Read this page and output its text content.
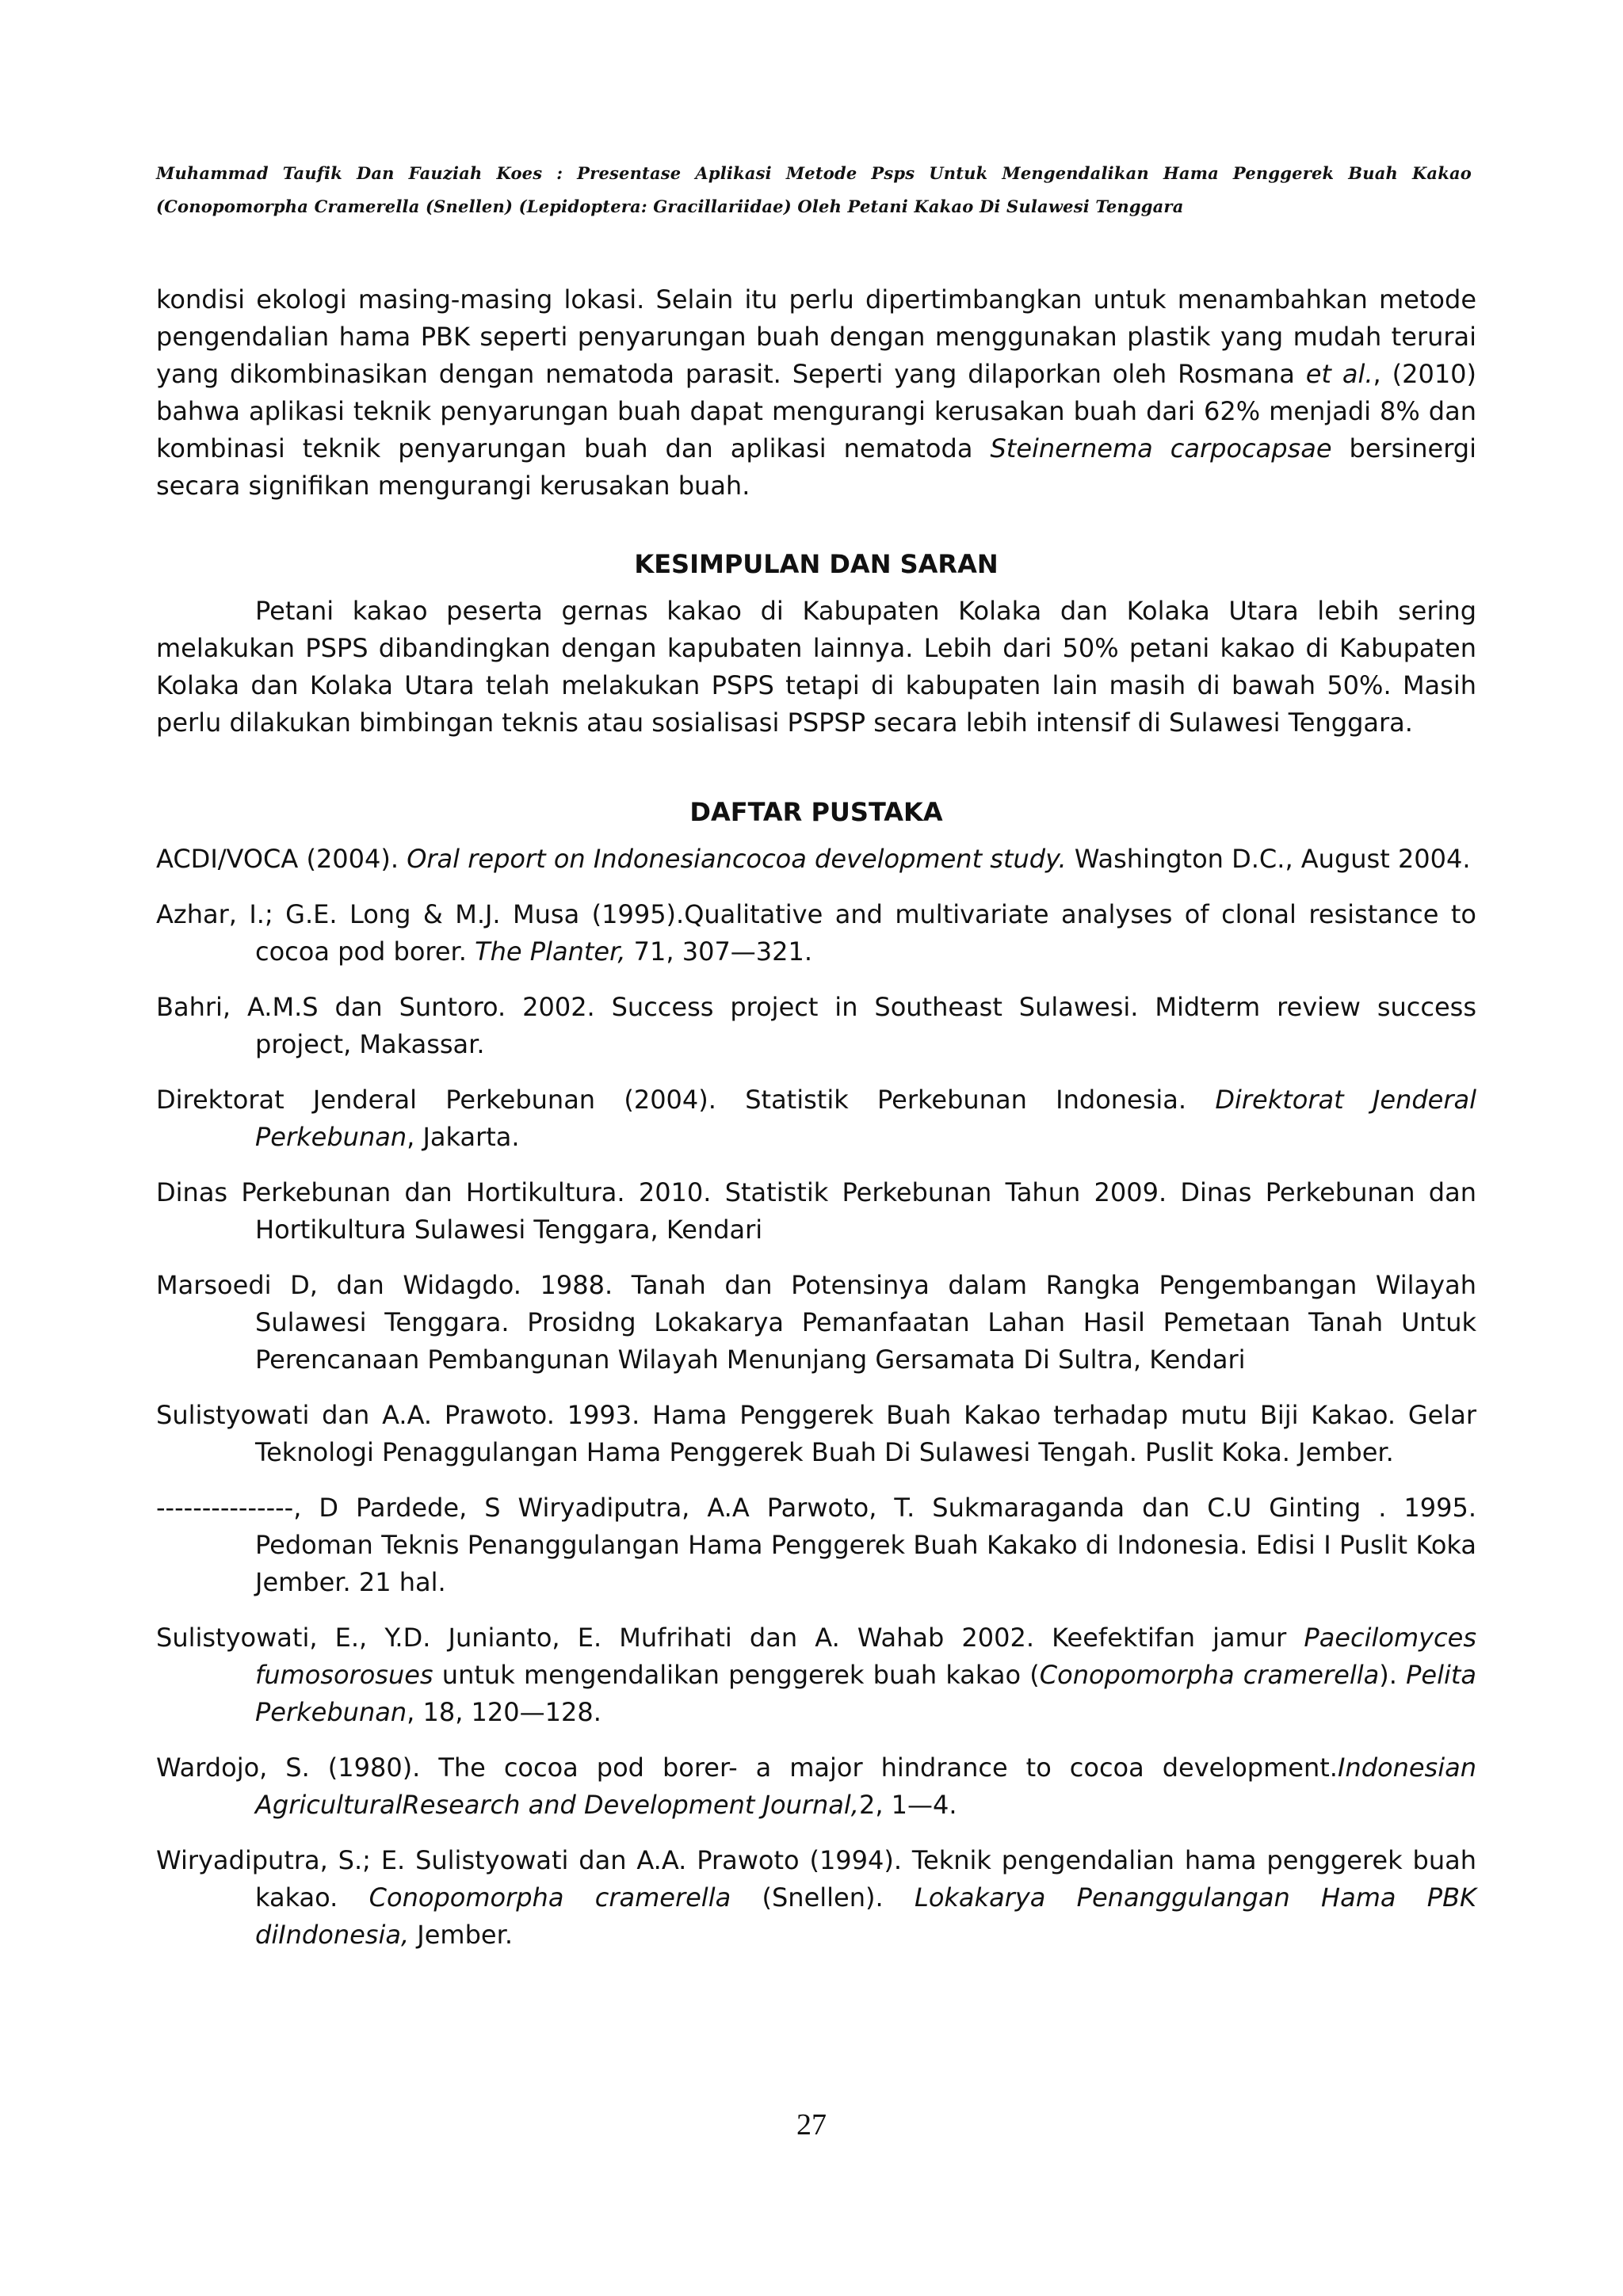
Muhammad Taufik Dan Fauziah Koes : Presentase Aplikasi Metode Psps Untuk Mengendalikan Hama Penggerek Buah Kakao
(Conopomorpha Cramerella (Snellen) (Lepidoptera: Gracillariidae) Oleh Petani Kakao Di Sulawesi Tenggara

kondisi ekologi masing-masing lokasi. Selain itu perlu dipertimbangkan untuk menambahkan metode pengendalian hama PBK seperti penyarungan buah dengan menggunakan plastik yang mudah terurai yang dikombinasikan dengan nematoda parasit. Seperti yang dilaporkan oleh Rosmana et al., (2010) bahwa aplikasi teknik penyarungan buah dapat mengurangi kerusakan buah dari 62% menjadi 8% dan kombinasi teknik penyarungan buah dan aplikasi nematoda Steinernema carpocapsae bersinergi secara signifikan mengurangi kerusakan buah.

KESIMPULAN DAN SARAN

Petani kakao peserta gernas kakao di Kabupaten Kolaka dan Kolaka Utara lebih sering melakukan PSPS dibandingkan dengan kapubaten lainnya. Lebih dari 50% petani kakao di Kabupaten Kolaka dan Kolaka Utara telah melakukan PSPS tetapi di kabupaten lain masih di bawah 50%. Masih perlu dilakukan bimbingan teknis atau sosialisasi PSPSP secara lebih intensif di Sulawesi Tenggara.

DAFTAR PUSTAKA

ACDI/VOCA (2004). Oral report on Indonesiancocoa development study. Washington D.C., August 2004.

Azhar, I.; G.E. Long & M.J. Musa (1995).Qualitative and multivariate analyses of clonal resistance to cocoa pod borer. The Planter, 71, 307—321.

Bahri, A.M.S dan Suntoro. 2002. Success project in Southeast Sulawesi. Midterm review success project, Makassar.

Direktorat Jenderal Perkebunan (2004). Statistik Perkebunan Indonesia. Direktorat Jenderal Perkebunan, Jakarta.

Dinas Perkebunan dan Hortikultura. 2010. Statistik Perkebunan Tahun 2009. Dinas Perkebunan dan Hortikultura Sulawesi Tenggara, Kendari

Marsoedi D, dan Widagdo. 1988. Tanah dan Potensinya dalam Rangka Pengembangan Wilayah Sulawesi Tenggara. Prosidng Lokakarya Pemanfaatan Lahan Hasil Pemetaan Tanah Untuk Perencanaan Pembangunan Wilayah Menunjang Gersamata Di Sultra, Kendari

Sulistyowati dan A.A. Prawoto. 1993. Hama Penggerek Buah Kakao terhadap mutu Biji Kakao. Gelar Teknologi Penaggulangan Hama Penggerek Buah Di Sulawesi Tengah. Puslit Koka. Jember.

---------------, D Pardede, S Wiryadiputra, A.A Parwoto, T. Sukmaraganda dan C.U Ginting . 1995. Pedoman Teknis Penanggulangan Hama Penggerek Buah Kakako di Indonesia. Edisi I Puslit Koka Jember. 21 hal.

Sulistyowati, E., Y.D. Junianto, E. Mufrihati dan A. Wahab 2002. Keefektifan jamur Paecilomyces fumosorosues untuk mengendalikan penggerek buah kakao (Conopomorpha cramerella). Pelita Perkebunan, 18, 120—128.

Wardojo, S. (1980). The cocoa pod borer- a major hindrance to cocoa development.Indonesian AgriculturalResearch and Development Journal,2, 1—4.

Wiryadiputra, S.; E. Sulistyowati dan A.A. Prawoto (1994). Teknik pengendalian hama penggerek buah kakao. Conopomorpha cramerella (Snellen). Lokakarya Penanggulangan Hama PBK diIndonesia, Jember.

27
